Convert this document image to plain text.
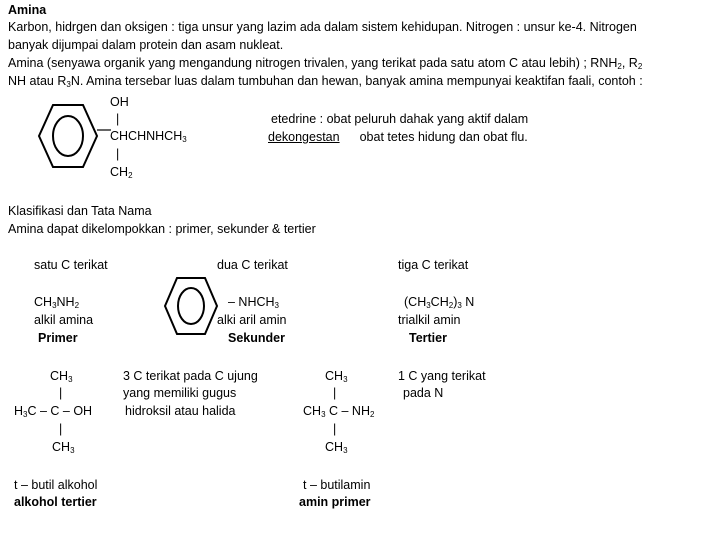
Amina
Karbon, hidrgen dan oksigen : tiga unsur yang lazim ada dalam sistem kehidupan. Nitrogen : unsur ke-4. Nitrogen
banyak dijumpai dalam protein dan asam nukleat.
Amina (senyawa organik yang mengandung nitrogen trivalen, yang terikat pada satu atom C atau lebih) ; $RNH_2$, $R_2$
NH atau $R_3N$. Amina tersebar luas dalam tumbuhan dan hewan, banyak amina mempunyai keaktifan faali, contoh :
OH
|
$CHCHNHCH_3$
|
$CH_2$
etedrine : obat peluruh dahak yang aktif dalam
dekongestan obat tetes hidung dan obat flu.
Klasifikasi dan Tata Nama
Amina dapat dikelompokkan : primer, sekunder & tertier
satu C terikat	dua C terikat	tiga C terikat
$CH_3NH_2$	– $NHCH_3$	$(CH_3CH_2)_3$ N
alkil amina	alki aril amin	trialkil amin
Primer	Sekunder	Tertier
$CH_3$
|
$H_3C$ – C – OH
|
$CH_3$
3 C terikat pada C ujung
yang memiliki gugus
hidroksil atau halida
$CH_3$
|
$CH_3$ C – $NH_2$
|
$CH_3$
1 C yang terikat
pada N
t – butil alkohol
alkohol tertier
t – butilamin
amin primer
